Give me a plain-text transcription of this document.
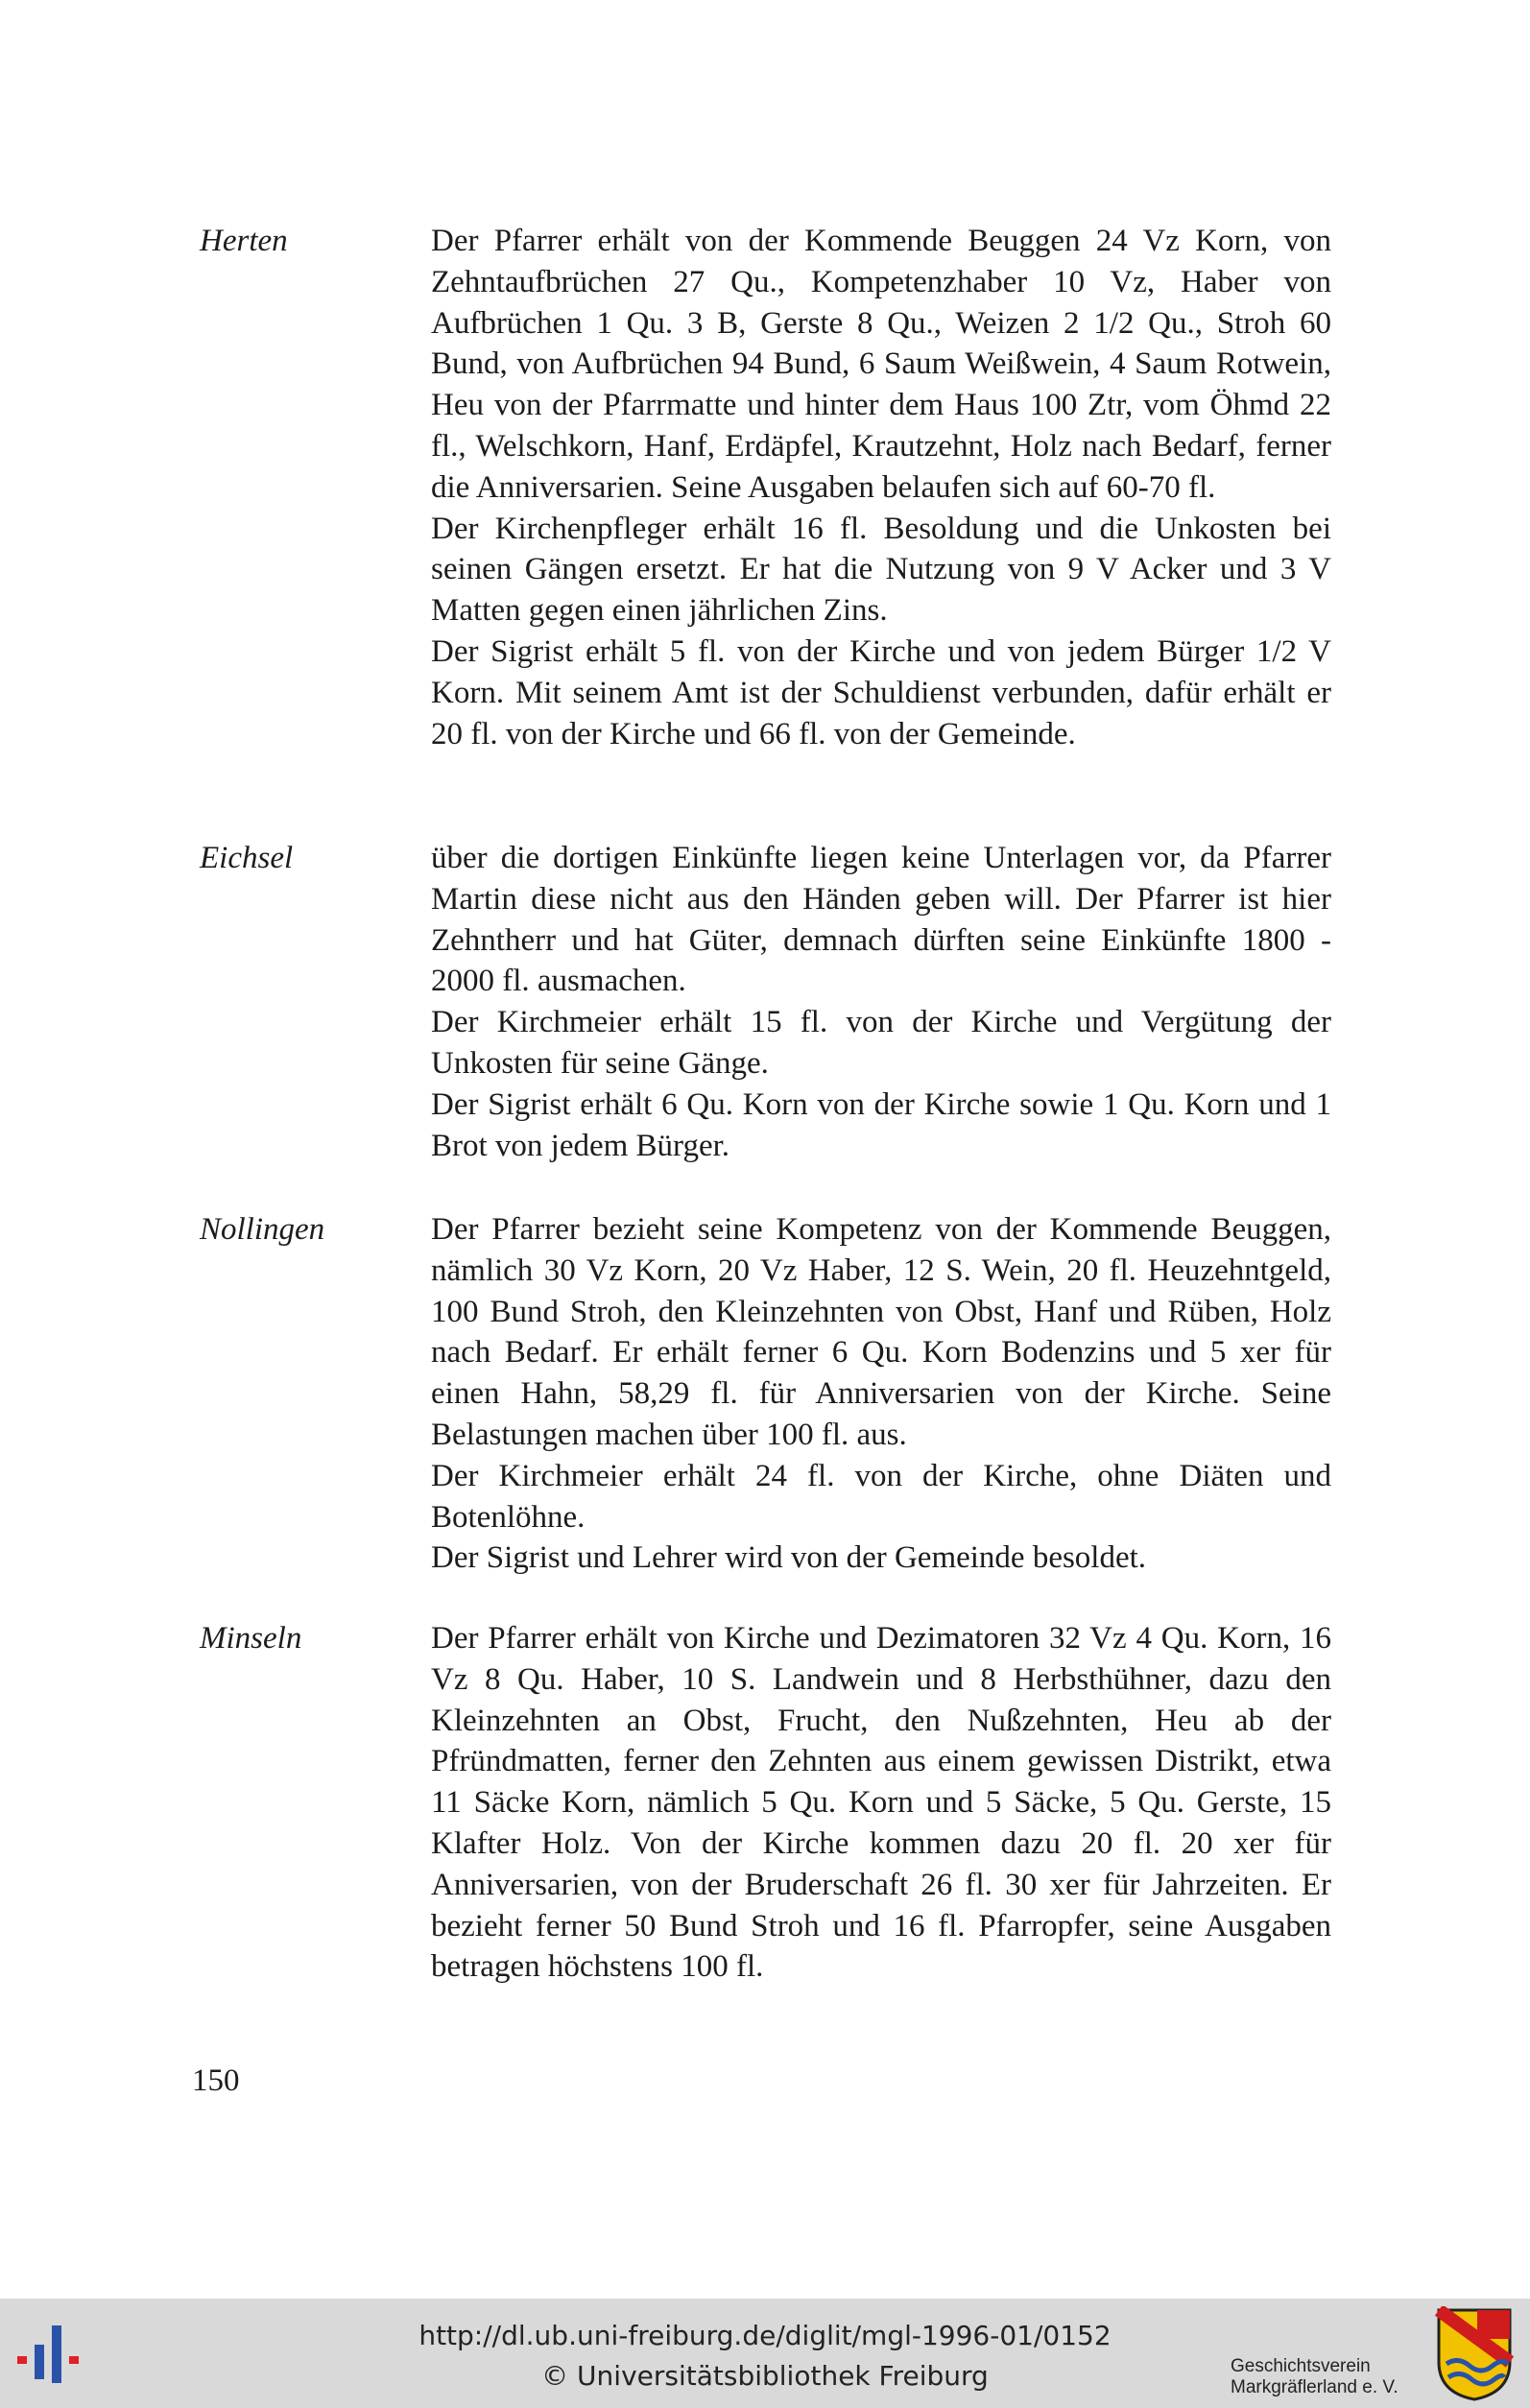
Herten	Der Pfarrer erhält von der Kommende Beuggen 24 Vz Korn, von Zehntaufbrüchen 27 Qu., Kompetenzhaber 10 Vz, Haber von Aufbrüchen 1 Qu. 3 B, Gerste 8 Qu., Weizen 2 1/2 Qu., Stroh 60 Bund, von Aufbrüchen 94 Bund, 6 Saum Weißwein, 4 Saum Rotwein, Heu von der Pfarrmatte und hinter dem Haus 100 Ztr, vom Öhmd 22 fl., Welschkorn, Hanf, Erdäpfel, Krautzehnt, Holz nach Bedarf, ferner die Anniversarien. Seine Ausgaben belaufen sich auf 60-70 fl.

Der Kirchenpfleger erhält 16 fl. Besoldung und die Unkosten bei seinen Gängen ersetzt. Er hat die Nutzung von 9 V Acker und 3 V Matten gegen einen jährlichen Zins.

Der Sigrist erhält 5 fl. von der Kirche und von jedem Bürger 1/2 V Korn. Mit seinem Amt ist der Schuldienst verbunden, dafür erhält er 20 fl. von der Kirche und 66 fl. von der Gemeinde.

Eichsel	über die dortigen Einkünfte liegen keine Unterlagen vor, da Pfarrer Martin diese nicht aus den Händen geben will. Der Pfarrer ist hier Zehntherr und hat Güter, demnach dürften seine Einkünfte 1800 - 2000 fl. ausmachen.

Der Kirchmeier erhält 15 fl. von der Kirche und Vergütung der Unkosten für seine Gänge.

Der Sigrist erhält 6 Qu. Korn von der Kirche sowie 1 Qu. Korn und 1 Brot von jedem Bürger.

Nollingen	Der Pfarrer bezieht seine Kompetenz von der Kommende Beuggen, nämlich 30 Vz Korn, 20 Vz Haber, 12 S. Wein, 20 fl. Heuzehntgeld, 100 Bund Stroh, den Kleinzehnten von Obst, Hanf und Rüben, Holz nach Bedarf. Er erhält ferner 6 Qu. Korn Bodenzins und 5 xer für einen Hahn, 58,29 fl. für Anniversarien von der Kirche. Seine Belastungen machen über 100 fl. aus.

Der Kirchmeier erhält 24 fl. von der Kirche, ohne Diäten und Botenlöhne.

Der Sigrist und Lehrer wird von der Gemeinde besoldet.

Minseln	Der Pfarrer erhält von Kirche und Dezimatoren 32 Vz 4 Qu. Korn, 16 Vz 8 Qu. Haber, 10 S. Landwein und 8 Herbsthühner, dazu den Kleinzehnten an Obst, Frucht, den Nußzehnten, Heu ab der Pfründmatten, ferner den Zehnten aus einem gewissen Distrikt, etwa 11 Säcke Korn, nämlich 5 Qu. Korn und 5 Säcke, 5 Qu. Gerste, 15 Klafter Holz. Von der Kirche kommen dazu 20 fl. 20 xer für Anniversarien, von der Bruderschaft 26 fl. 30 xer für Jahrzeiten. Er bezieht ferner 50 Bund Stroh und 16 fl. Pfarropfer, seine Ausgaben betragen höchstens 100 fl.

150
http://dl.ub.uni-freiburg.de/diglit/mgl-1996-01/0152
© Universitätsbibliothek Freiburg	Geschichtsverein
Markgräflerland e. V.
